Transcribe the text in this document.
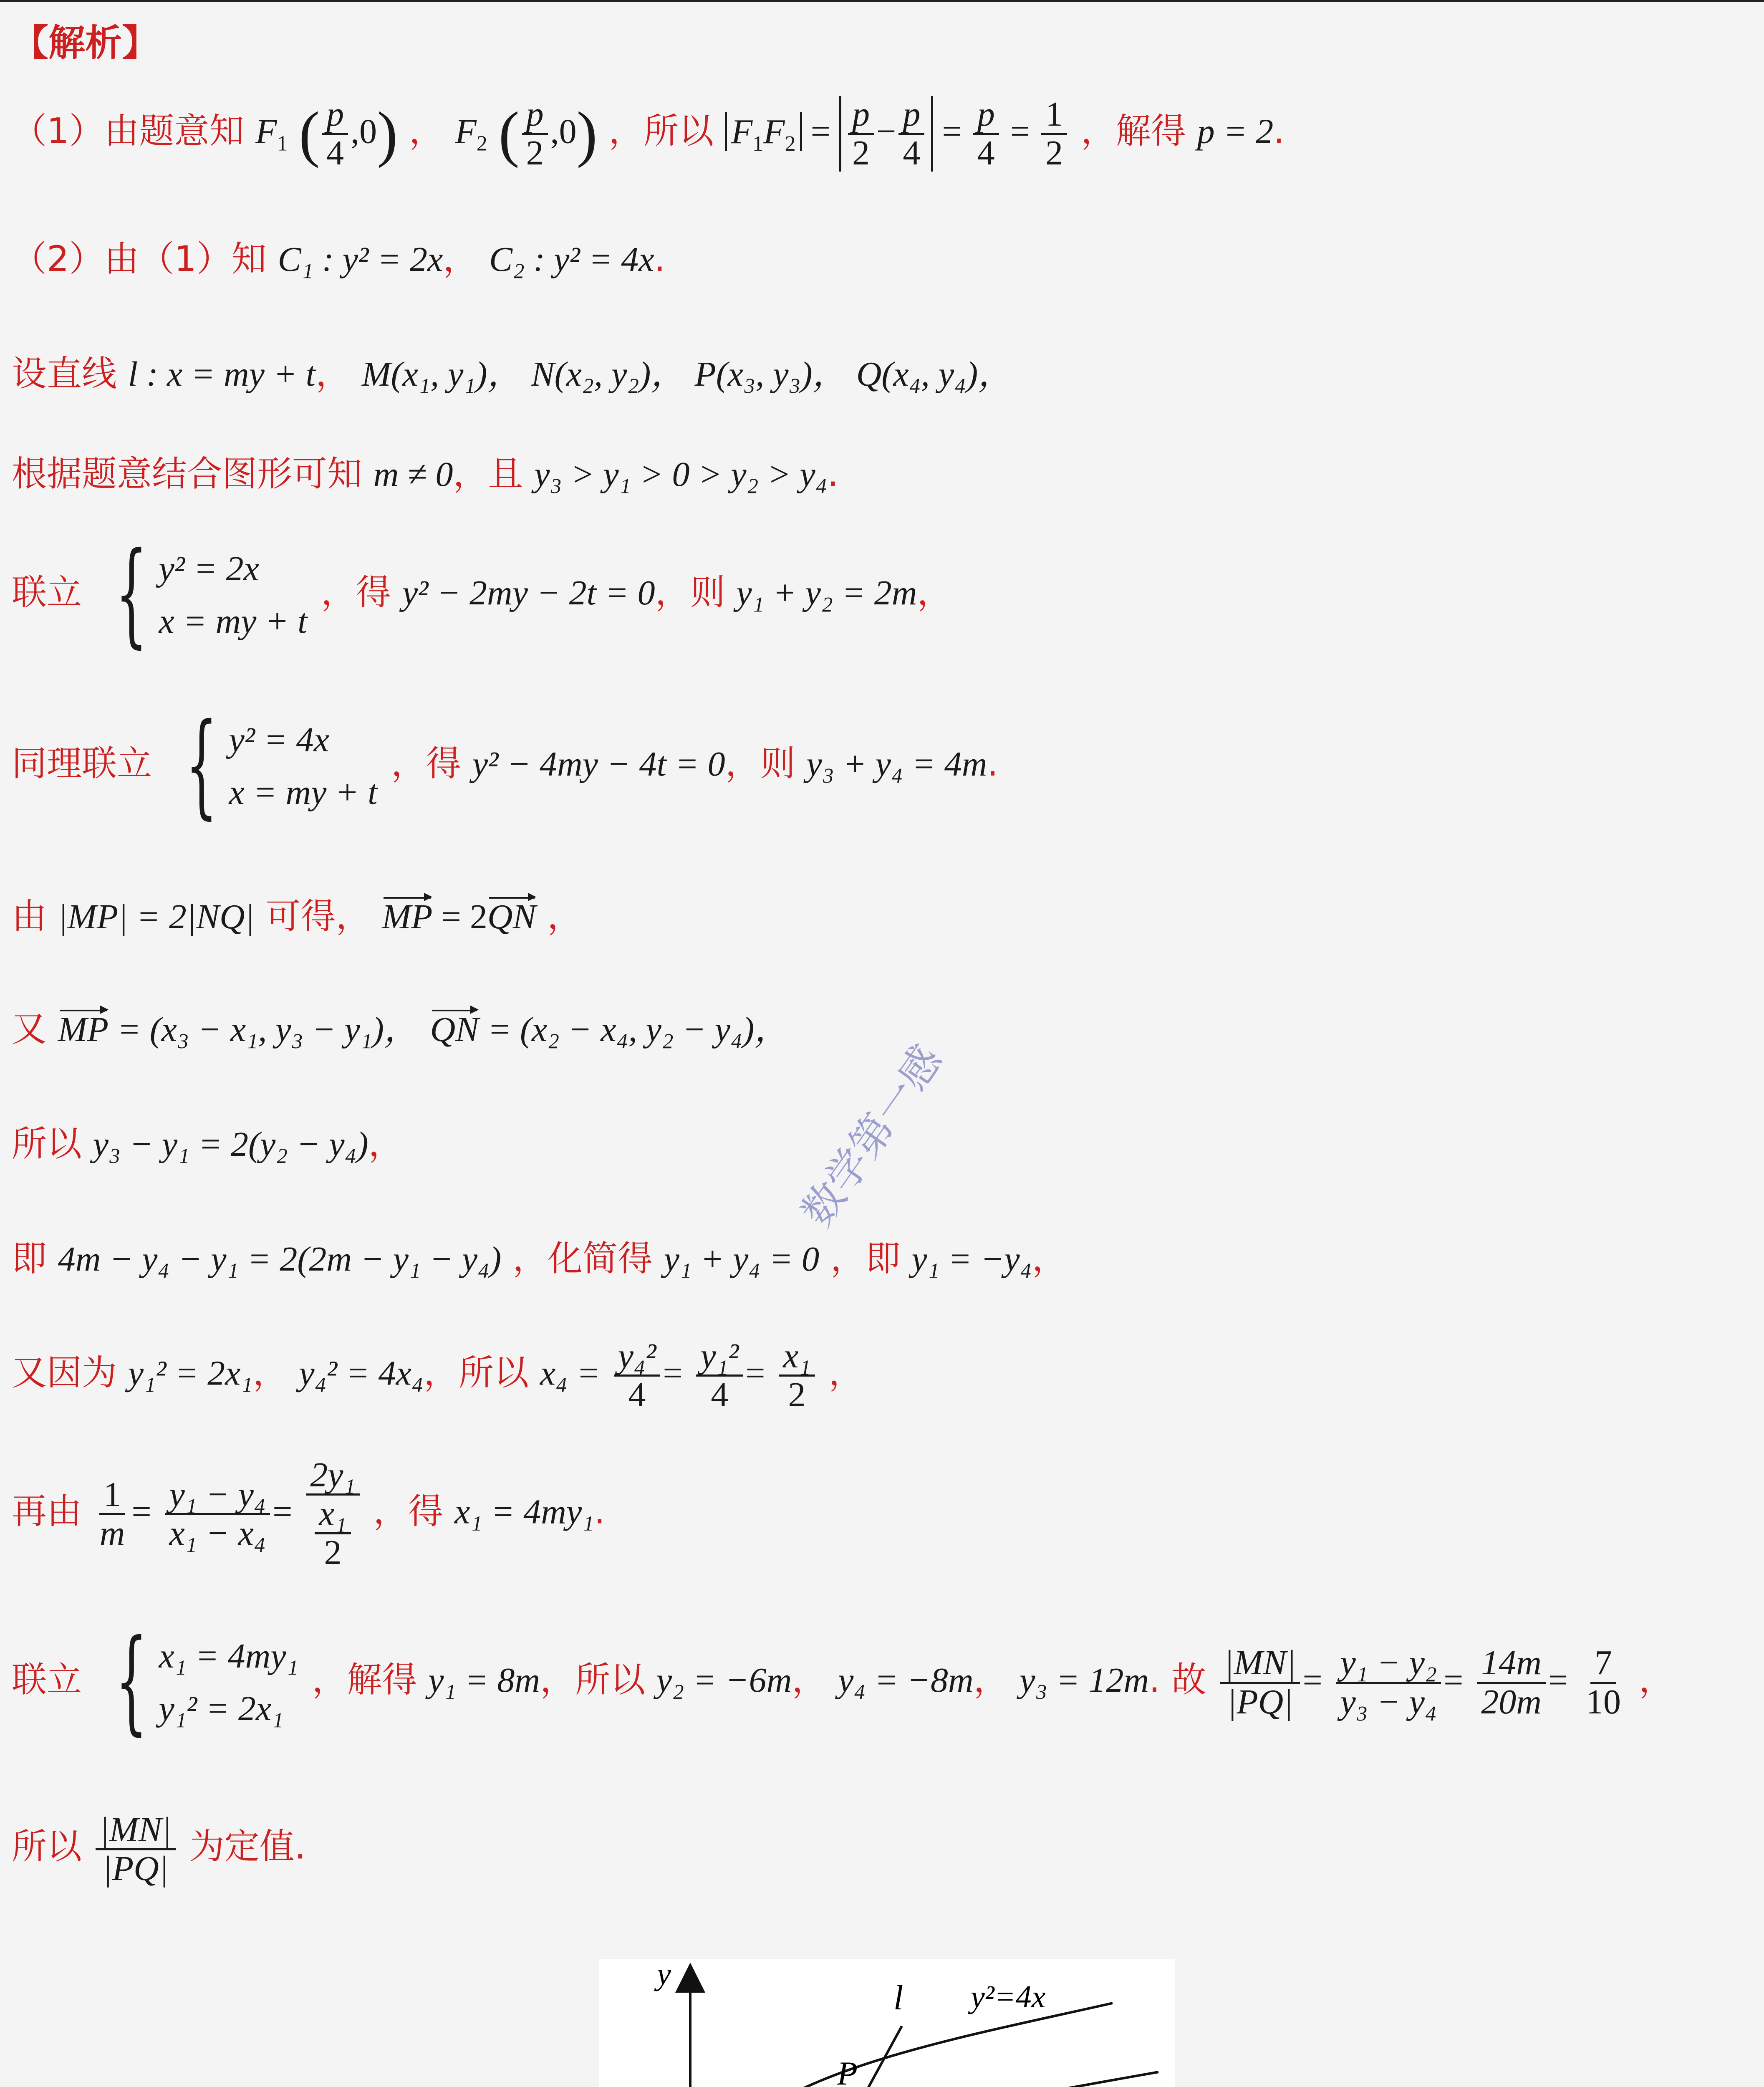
【解析】
（1）由题意知 $F_1$ ( $\frac{p}{4} ,0$) ， $F_2$ ( $\frac{p}{2} ,0$) ，所以 $F_1F_2 = \frac{p}{2} - \frac{p}{4} = \frac{p}{4} = \frac{1}{2}$ ，解得 p = 2.
（2）由（1）知 C₁ : y² = 2x， C₂ : y² = 4x.
设直线 l : x = my + t， M(x₁, y₁)， N(x₂, y₂)， P(x₃, y₃)， Q(x₄, y₄)，
根据题意结合图形可知 m ≠ 0，且 y₃ > y₁ > 0 > y₂ > y₄.
联立 { y² = 2x
x = my + t
，得 y² − 2my − 2t = 0，则 y₁ + y₂ = 2m，
同理联立 { y² = 4x
x = my + t
，得 y² − 4my − 4t = 0，则 y₃ + y₄ = 4m.
由 |MP| = 2|NQ| 可得， MP = 2QN ，
又 MP = (x₃ − x₁, y₃ − y₁)， QN = (x₂ − x₄, y₂ − y₄)，
所以 y₃ − y₁ = 2(y₂ − y₄)，
即 4m − y₄ − y₁ = 2(2m − y₁ − y₄) ，化简得 y₁ + y₄ = 0 ，即 y₁ = −y₄，
又因为 y₁² = 2x₁， y₄² = 4x₄，所以 $x_4 = \frac{\text{y₄²}}{4} = \frac{\text{y₁²}}{4} = \frac{\text{x₁}}{2}$ ，
再由 $\frac{1}{m} = \frac{\text{y₁ − y₄}}{\text{x₁ − x₄}} = \frac{\text{2y₁}}{\frac{\text{x₁}}{2}}$ ，得 x₁ = 4my₁.
联立 { x₁ = 4my₁
y₁² = 2x₁
，解得 y₁ = 8m，所以 y₂ = −6m， y₄ = −8m， y₃ = 12m. 故 $\frac{|MN|}{|PQ|} = \frac{\text{y₁ − y₂}}{\text{y₃ − y₄}} = \frac{14m}{20m} = \frac{7}{10}$ ，
所以 $\frac{|MN|}{|PQ|}$ 为定值.
数学第一感
y
l y²=4x
P
